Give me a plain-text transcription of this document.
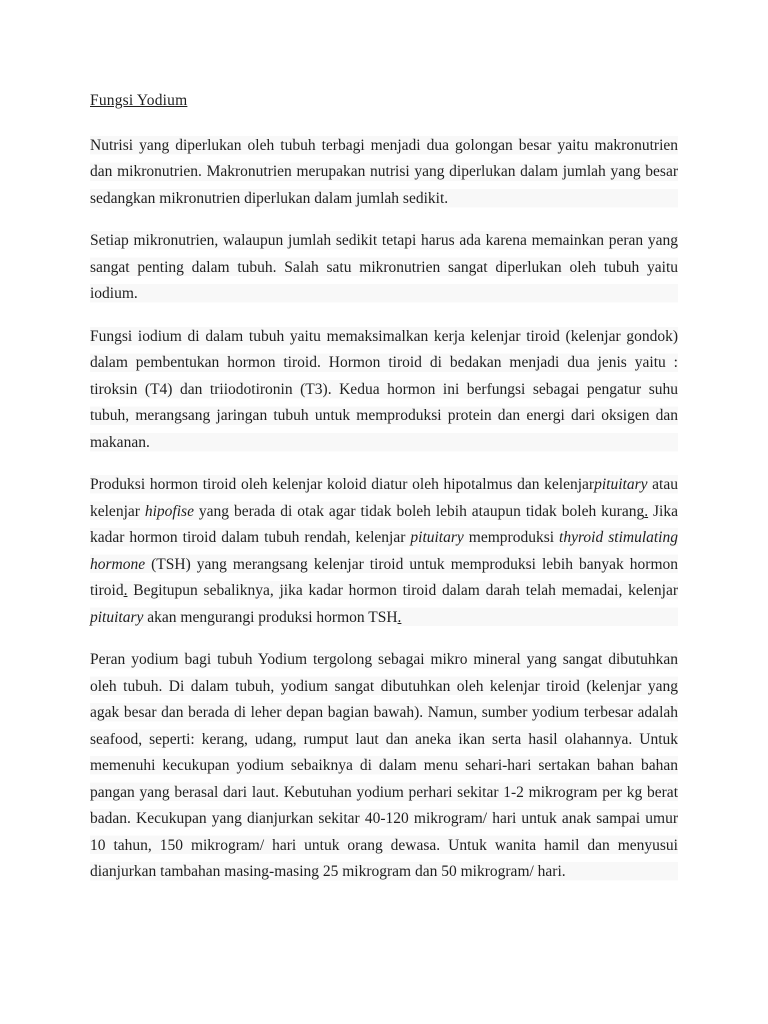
Fungsi Yodium

Nutrisi yang diperlukan oleh tubuh terbagi menjadi dua golongan besar yaitu makronutrien dan mikronutrien. Makronutrien merupakan nutrisi yang diperlukan dalam jumlah yang besar sedangkan mikronutrien diperlukan dalam jumlah sedikit.

Setiap mikronutrien, walaupun jumlah sedikit tetapi harus ada karena memainkan peran yang sangat penting dalam tubuh. Salah satu mikronutrien sangat diperlukan oleh tubuh yaitu iodium.

Fungsi iodium di dalam tubuh yaitu memaksimalkan kerja kelenjar tiroid (kelenjar gondok) dalam pembentukan hormon tiroid. Hormon tiroid di bedakan menjadi dua jenis yaitu : tiroksin (T4) dan triiodotironin (T3). Kedua hormon ini berfungsi sebagai pengatur suhu tubuh, merangsang jaringan tubuh untuk memproduksi protein dan energi dari oksigen dan makanan.

Produksi hormon tiroid oleh kelenjar koloid diatur oleh hipotalmus dan kelenjarpituitary atau kelenjar hipofise yang berada di otak agar tidak boleh lebih ataupun tidak boleh kurang. Jika kadar hormon tiroid dalam tubuh rendah, kelenjar pituitary memproduksi thyroid stimulating hormone (TSH) yang merangsang kelenjar tiroid untuk memproduksi lebih banyak hormon tiroid. Begitupun sebaliknya, jika kadar hormon tiroid dalam darah telah memadai, kelenjar pituitary akan mengurangi produksi hormon TSH.

Peran yodium bagi tubuh Yodium tergolong sebagai mikro mineral yang sangat dibutuhkan oleh tubuh. Di dalam tubuh, yodium sangat dibutuhkan oleh kelenjar tiroid (kelenjar yang agak besar dan berada di leher depan bagian bawah). Namun, sumber yodium terbesar adalah seafood, seperti: kerang, udang, rumput laut dan aneka ikan serta hasil olahannya. Untuk memenuhi kecukupan yodium sebaiknya di dalam menu sehari-hari sertakan bahan bahan pangan yang berasal dari laut. Kebutuhan yodium perhari sekitar 1-2 mikrogram per kg berat badan. Kecukupan yang dianjurkan sekitar 40-120 mikrogram/ hari untuk anak sampai umur 10 tahun, 150 mikrogram/ hari untuk orang dewasa. Untuk wanita hamil dan menyusui dianjurkan tambahan masing-masing 25 mikrogram dan 50 mikrogram/ hari.
